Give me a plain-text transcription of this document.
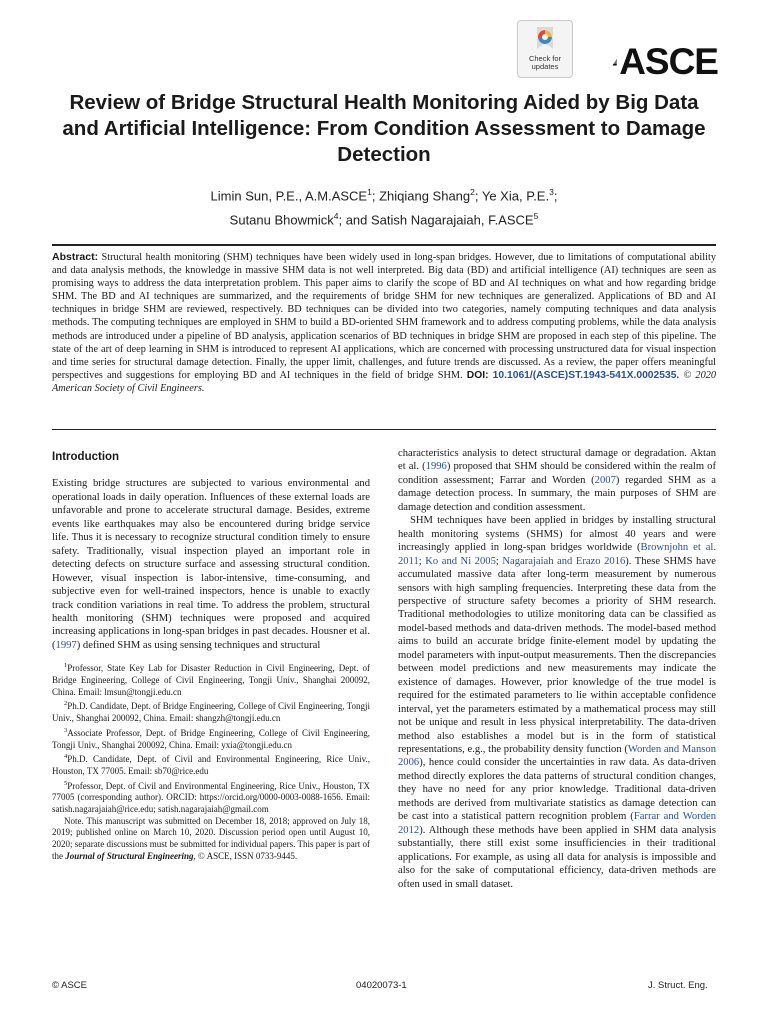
Check for
updates ASCE
Review of Bridge Structural Health Monitoring Aided by Big Data and Artificial Intelligence: From Condition Assessment to Damage Detection
Limin Sun, P.E., A.M.ASCE$^1$; Zhiqiang Shang$^2$; Ye Xia, P.E.$^3$;
Sutanu Bhowmick$^4$; and Satish Nagarajaiah, F.ASCE$^5$
Abstract: Structural health monitoring (SHM) techniques have been widely used in long-span bridges. However, due to limitations of computational ability and data analysis methods, the knowledge in massive SHM data is not well interpreted. Big data (BD) and artificial intelligence (AI) techniques are seen as promising ways to address the data interpretation problem. This paper aims to clarify the scope of BD and AI techniques on what and how regarding bridge SHM. The BD and AI techniques are summarized, and the requirements of bridge SHM for new techniques are generalized. Applications of BD and AI techniques in bridge SHM are reviewed, respectively. BD techniques can be divided into two categories, namely computing techniques and data analysis methods. The computing techniques are employed in SHM to build a BD-oriented SHM framework and to address computing problems, while the data analysis methods are introduced under a pipeline of BD analysis, application scenarios of BD techniques in bridge SHM are proposed in each step of this pipeline. The state of the art of deep learning in SHM is introduced to represent AI applications, which are concerned with processing unstructured data for visual inspection and time series for structural damage detection. Finally, the upper limit, challenges, and future trends are discussed. As a review, the paper offers meaningful perspectives and suggestions for employing BD and AI techniques in the field of bridge SHM. DOI: 10.1061/(ASCE)ST.1943-541X.0002535. © 2020 American Society of Civil Engineers.
Introduction

Existing bridge structures are subjected to various environmental and operational loads in daily operation. Influences of these external loads are unfavorable and prone to accelerate structural damage. Besides, extreme events like earthquakes may also be encountered during bridge service life. Thus it is necessary to recognize structural condition timely to ensure safety. Traditionally, visual inspection played an important role in detecting defects on structure surface and assessing structural condition. However, visual inspection is labor-intensive, time-consuming, and subjective even for well-trained inspectors, hence is unable to exactly track condition variations in real time. To address the problem, structural health monitoring (SHM) techniques were proposed and acquired increasing applications in long-span bridges in past decades. Housner et al. (1997) defined SHM as using sensing techniques and structural

$^1$Professor, State Key Lab for Disaster Reduction in Civil Engineering, Dept. of Bridge Engineering, College of Civil Engineering, Tongji Univ., Shanghai 200092, China. Email: lmsun@tongji.edu.cn

$^2$Ph.D. Candidate, Dept. of Bridge Engineering, College of Civil Engineering, Tongji Univ., Shanghai 200092, China. Email: shangzh@tongji.edu.cn

$^3$Associate Professor, Dept. of Bridge Engineering, College of Civil Engineering, Tongji Univ., Shanghai 200092, China. Email: yxia@tongji.edu.cn

$^4$Ph.D. Candidate, Dept. of Civil and Environmental Engineering, Rice Univ., Houston, TX 77005. Email: sb70@rice.edu

$^5$Professor, Dept. of Civil and Environmental Engineering, Rice Univ., Houston, TX 77005 (corresponding author). ORCID: https://orcid.org/0000-0003-0088-1656. Email: satish.nagarajaiah@rice.edu; satish.nagarajaiah@gmail.com

Note. This manuscript was submitted on December 18, 2018; approved on July 18, 2019; published online on March 10, 2020. Discussion period open until August 10, 2020; separate discussions must be submitted for individual papers. This paper is part of the Journal of Structural Engineering, © ASCE, ISSN 0733-9445.

characteristics analysis to detect structural damage or degradation. Aktan et al. (1996) proposed that SHM should be considered within the realm of condition assessment; Farrar and Worden (2007) regarded SHM as a damage detection process. In summary, the main purposes of SHM are damage detection and condition assessment.

SHM techniques have been applied in bridges by installing structural health monitoring systems (SHMS) for almost 40 years and were increasingly applied in long-span bridges worldwide (Brownjohn et al. 2011; Ko and Ni 2005; Nagarajaiah and Erazo 2016). These SHMS have accumulated massive data after long-term measurement by numerous sensors with high sampling frequencies. Interpreting these data from the perspective of structure safety becomes a priority of SHM research. Traditional methodologies to utilize monitoring data can be classified as model-based methods and data-driven methods. The model-based method aims to build an accurate bridge finite-element model by updating the model parameters with input-output measurements. Then the discrepancies between model predictions and new measurements may indicate the existence of damages. However, prior knowledge of the true model is required for the estimated parameters to lie within acceptable confidence interval, yet the parameters estimated by a mathematical process may still not be unique and result in less physical interpretability. The data-driven method also establishes a model but is in the form of statistical representations, e.g., the probability density function (Worden and Manson 2006), hence could consider the uncertainties in raw data. As data-driven method directly explores the data patterns of structural condition changes, they have no need for any prior knowledge. Traditional data-driven methods are derived from multivariate statistics as damage detection can be cast into a statistical pattern recognition problem (Farrar and Worden 2012). Although these methods have been applied in SHM data analysis substantially, there still exist some insufficiencies in their traditional applications. For example, as using all data for analysis is impossible and also for the sake of computational efficiency, data-driven methods are often used in small dataset.

© ASCE	04020073-1	J. Struct. Eng.
